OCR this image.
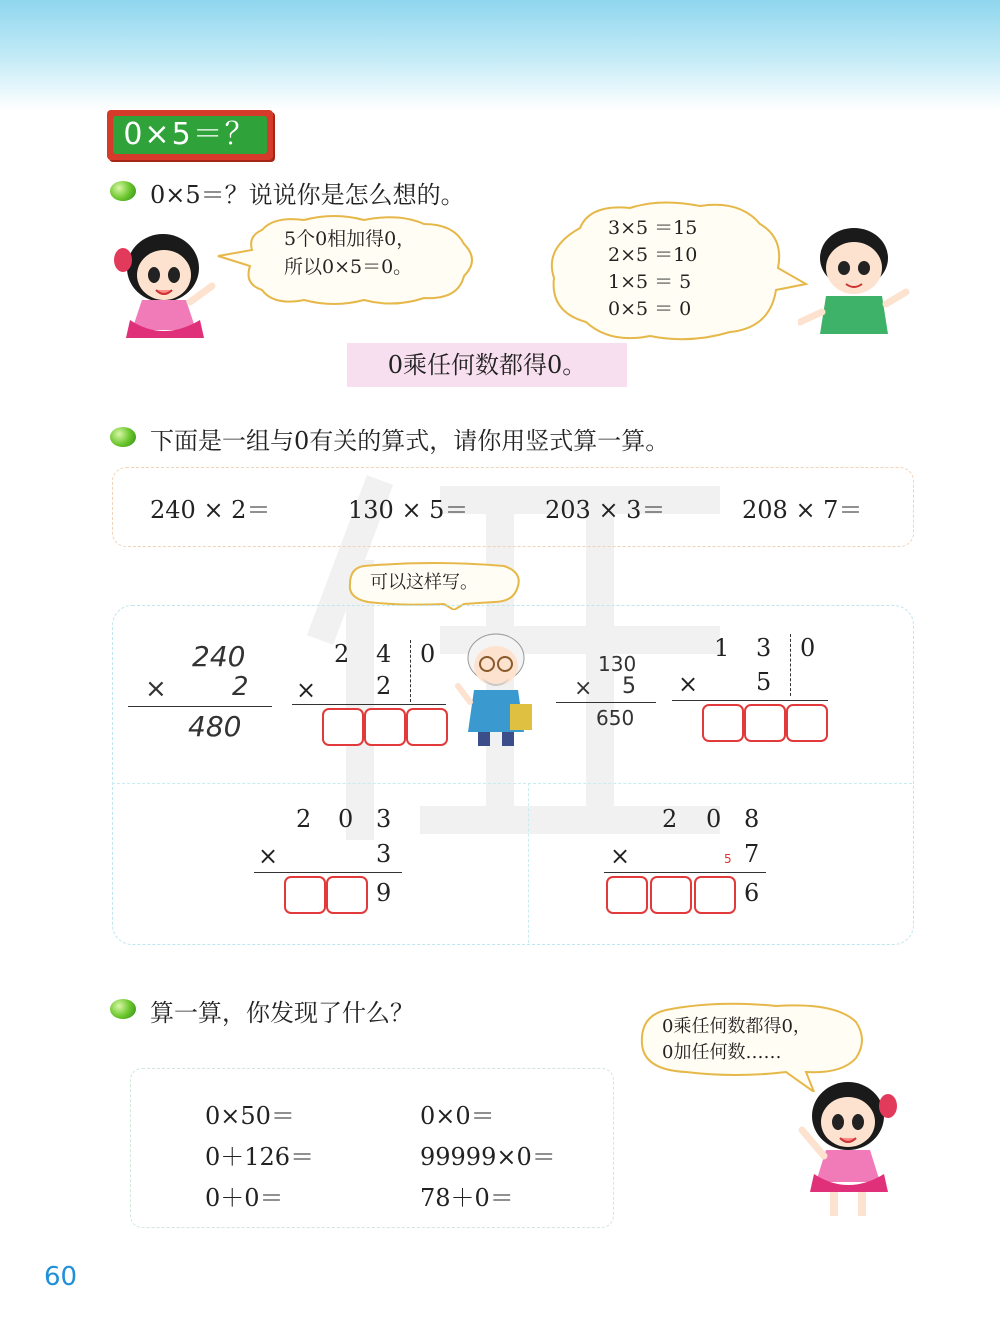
0×5＝？
0×5＝？说说你是怎么想的。
5个0相加得0，
所以0×5＝0。
3×5 ＝15
2×5 ＝10
1×5 ＝ 5
0×5 ＝ 0
0乘任何数都得0。
下面是一组与0有关的算式，请你用竖式算一算。
240 × 2＝	130 × 5＝	203 × 3＝	208 × 7＝
可以这样写。
240
×	2
480
2 4 0
× 2
130
× 5
650
1 3 0
× 5
2 0 3
×	3
9
2 0 8
×	5 7
6
算一算，你发现了什么？	0乘任何数都得0，
0加任何数……
0×50＝
0＋126＝
0＋0＝
0×0＝
99999×0＝
78＋0＝
60
